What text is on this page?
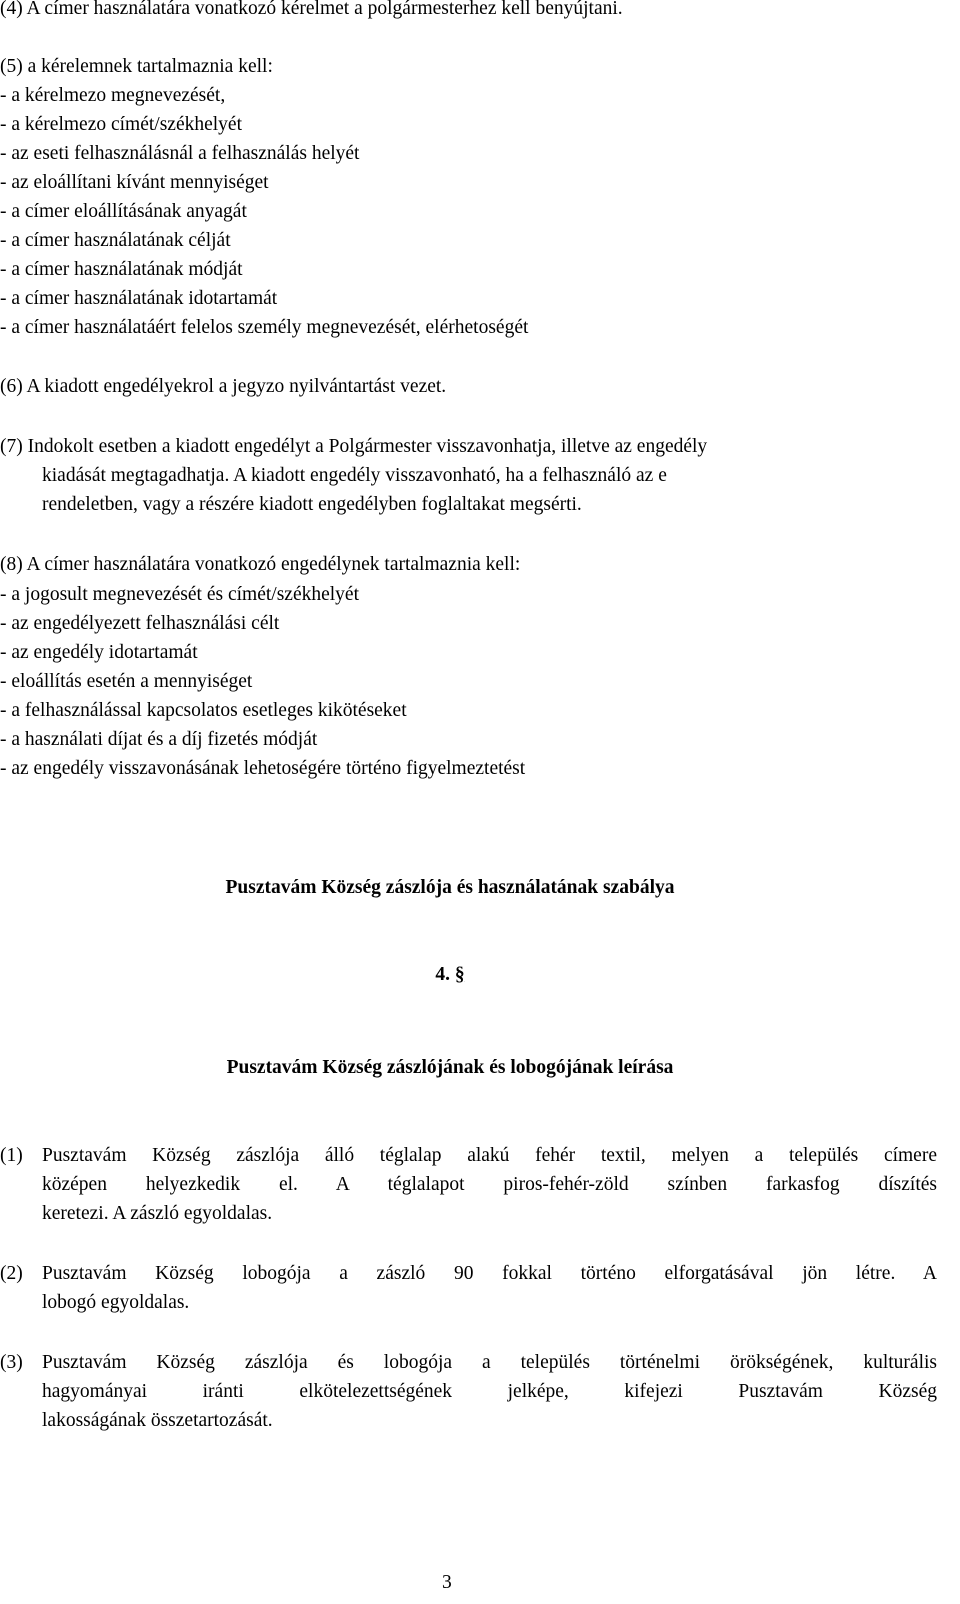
(4) A címer használatára vonatkozó kérelmet a polgármesterhez kell benyújtani.
(5) a kérelemnek tartalmaznia kell:
- a kérelmezo megnevezését,
- a kérelmezo címét/székhelyét
- az eseti felhasználásnál a felhasználás helyét
- az eloállítani kívánt mennyiséget
- a címer eloállításának anyagát
- a címer használatának célját
- a címer használatának módját
- a címer használatának idotartamát
- a címer használatáért felelos személy megnevezését, elérhetoségét
(6) A kiadott engedélyekrol a jegyzo nyilvántartást vezet.
(7) Indokolt esetben a kiadott engedélyt a Polgármester visszavonhatja, illetve az engedély
kiadását megtagadhatja. A kiadott engedély visszavonható, ha a felhasználó az e
rendeletben, vagy a részére kiadott engedélyben foglaltakat megsérti.
(8) A címer használatára vonatkozó engedélynek tartalmaznia kell:
- a jogosult megnevezését és címét/székhelyét
- az engedélyezett felhasználási célt
- az engedély idotartamát
- eloállítás esetén a mennyiséget
- a felhasználással kapcsolatos esetleges kikötéseket
- a használati díjat és a díj fizetés módját
- az engedély visszavonásának lehetoségére történo figyelmeztetést
Pusztavám Község zászlója és használatának szabálya
4. §
Pusztavám Község zászlójának és lobogójának leírása
(1) Pusztavám Község zászlója álló téglalap alakú fehér textil, melyen a település címere
középen helyezkedik el. A téglalapot piros-fehér-zöld színben farkasfog díszítés
keretezi. A zászló egyoldalas.
(2) Pusztavám Község lobogója a zászló 90 fokkal történo elforgatásával jön létre. A
lobogó egyoldalas.
(3) Pusztavám Község zászlója és lobogója a település történelmi örökségének, kulturális
hagyományai iránti elkötelezettségének jelképe, kifejezi Pusztavám Község
lakosságának összetartozását.
3
